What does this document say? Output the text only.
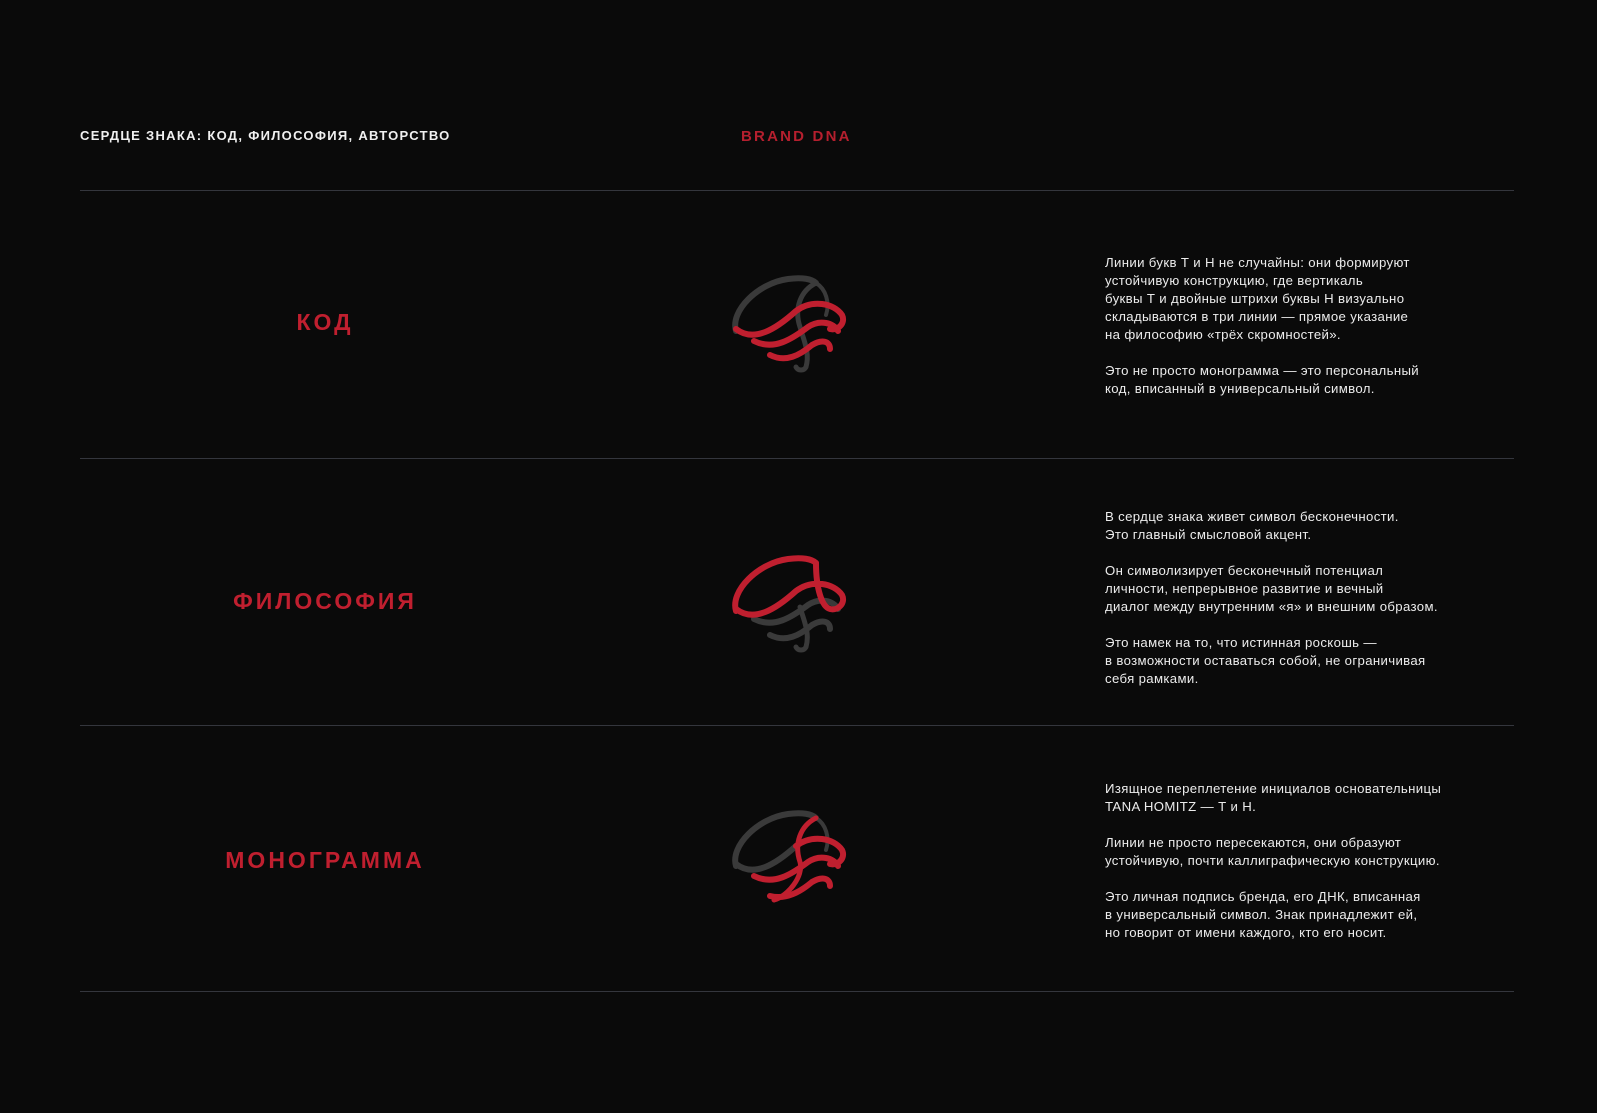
СЕРДЦЕ ЗНАКА: КОД, ФИЛОСОФИЯ, АВТОРСТВО	BRAND DNA
КОД

Линии букв Т и Н не случайны: они формируют
устойчивую конструкцию, где вертикаль
буквы Т и двойные штрихи буквы Н визуально
складываются в три линии — прямое указание
на философию «трёх скромностей».

Это не просто монограмма — это персональный
код, вписанный в универсальный символ.

ФИЛОСОФИЯ

В сердце знака живет символ бесконечности.
Это главный смысловой акцент.

Он символизирует бесконечный потенциал
личности, непрерывное развитие и вечный
диалог между внутренним «я» и внешним образом.

Это намек на то, что истинная роскошь —
в возможности оставаться собой, не ограничивая
себя рамками.

МОНОГРАММА

Изящное переплетение инициалов основательницы
TANA HOMITZ — Т и Н.

Линии не просто пересекаются, они образуют
устойчивую, почти каллиграфическую конструкцию.

Это личная подпись бренда, его ДНК, вписанная
в универсальный символ. Знак принадлежит ей,
но говорит от имени каждого, кто его носит.
